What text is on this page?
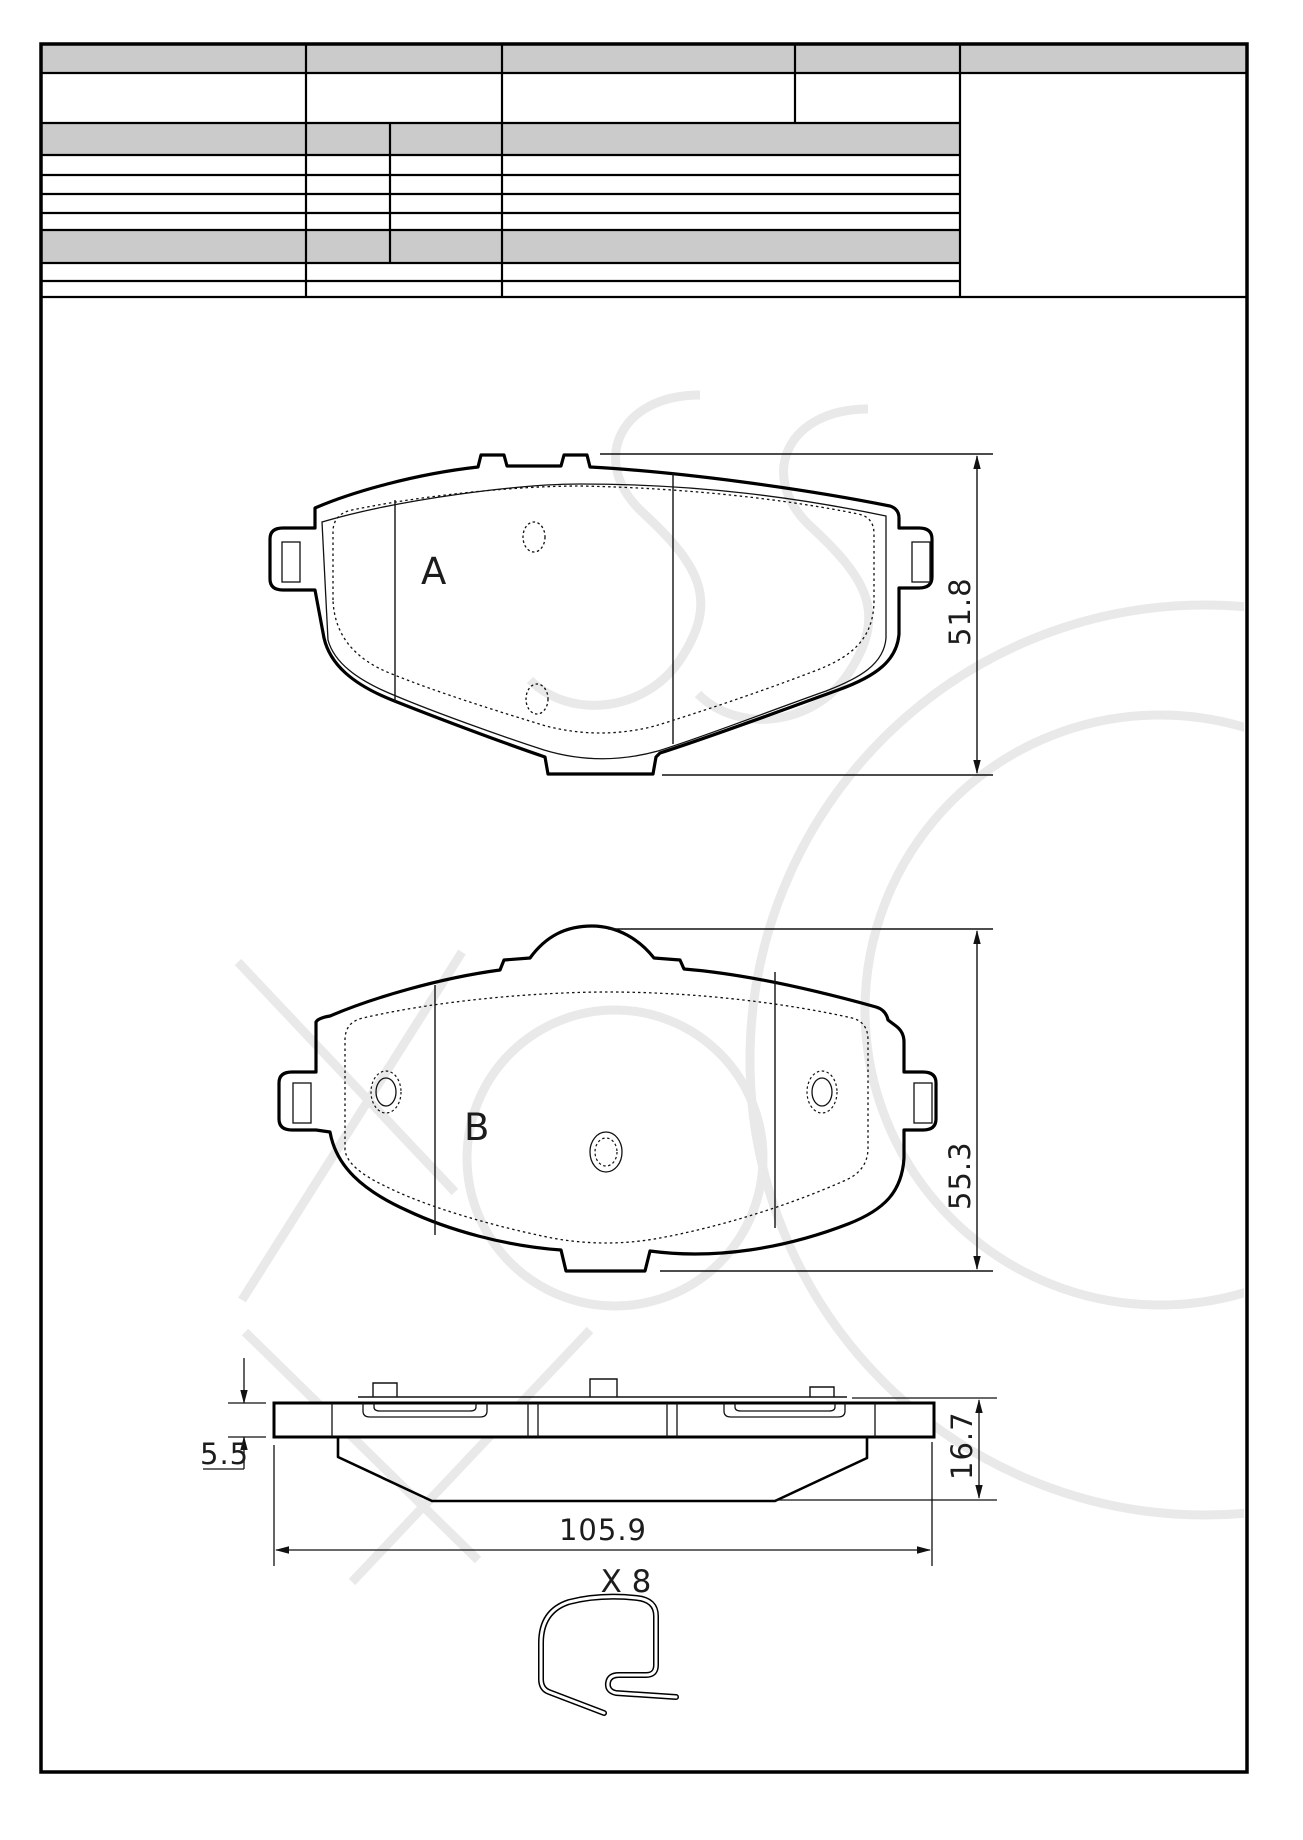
A
51.8
B
55.3
5.5	16.7
105.9
X 8
